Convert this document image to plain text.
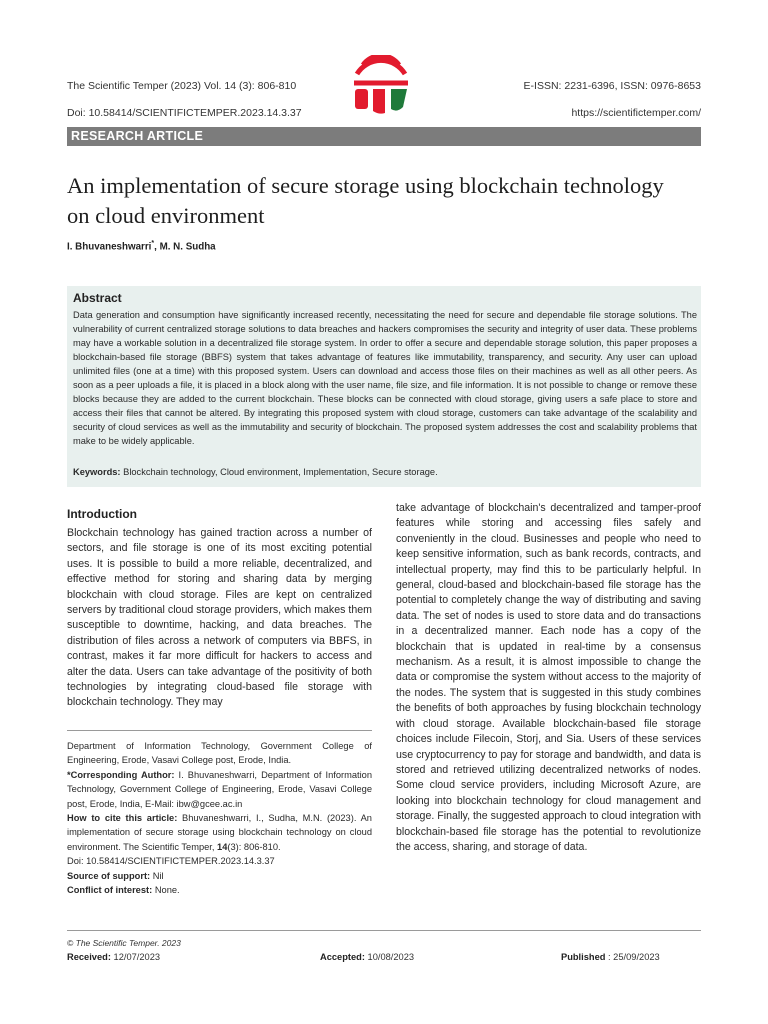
The Scientific Temper (2023) Vol. 14 (3): 806-810
Doi: 10.58414/SCIENTIFICTEMPER.2023.14.3.37
E-ISSN: 2231-6396, ISSN: 0976-8653
https://scientifictemper.com/
RESEARCH ARTICLE
An implementation of secure storage using blockchain technology on cloud environment
I. Bhuvaneshwarri*, M. N. Sudha
Abstract
Data generation and consumption have significantly increased recently, necessitating the need for secure and dependable file storage solutions. The vulnerability of current centralized storage solutions to data breaches and hackers compromises the security and integrity of user data. These problems may have a workable solution in a decentralized file storage system. In order to offer a secure and dependable storage solution, this paper proposes a blockchain-based file storage (BBFS) system that takes advantage of features like immutability, transparency, and security. Any user can upload unlimited files (one at a time) with this proposed system. Users can download and access those files on their machines as well as all other peers. As soon as a peer uploads a file, it is placed in a block along with the user name, file size, and file information. It is not possible to change or remove these blocks because they are added to the current blockchain. These blocks can be connected with cloud storage, giving users a safe place to store and access their files that cannot be altered. By integrating this proposed system with cloud storage, customers can take advantage of the scalability and security of cloud services as well as the immutability and security of blockchain. The proposed system addresses the cost and scalability problems that make to be widely applicable.
Keywords: Blockchain technology, Cloud environment, Implementation, Secure storage.
Introduction
Blockchain technology has gained traction across a number of sectors, and file storage is one of its most exciting potential uses. It is possible to build a more reliable, decentralized, and effective method for storing and sharing data by merging blockchain with cloud storage. Files are kept on centralized servers by traditional cloud storage providers, which makes them susceptible to downtime, hacking, and data breaches. The distribution of files across a network of computers via BBFS, in contrast, makes it far more difficult for hackers to access and alter the data. Users can take advantage of the positivity of both technologies by integrating cloud-based file storage with blockchain technology. They may
take advantage of blockchain's decentralized and tamper-proof features while storing and accessing files safely and conveniently in the cloud. Businesses and people who need to keep sensitive information, such as bank records, contracts, and intellectual property, may find this to be particularly helpful. In general, cloud-based and blockchain-based file storage has the potential to completely change the way of distributing and saving data. The set of nodes is used to store data and do transactions in a decentralized manner. Each node has a copy of the blockchain that is updated in real-time by a consensus mechanism. As a result, it is almost impossible to change the data or compromise the system without access to the majority of the nodes. The system that is suggested in this study combines the benefits of both approaches by fusing blockchain technology with cloud storage. Available blockchain-based file storage choices include Filecoin, Storj, and Sia. Users of these services use cryptocurrency to pay for storage and bandwidth, and data is stored and retrieved utilizing decentralized networks of nodes. Some cloud service providers, including Microsoft Azure, are looking into blockchain technology for cloud management and storage. Finally, the suggested approach to cloud integration with blockchain-based file storage has the potential to revolutionize the access, sharing, and storage of data.

Department of Information Technology, Government College of Engineering, Erode, Vasavi College post, Erode, India.

*Corresponding Author: I. Bhuvaneshwarri, Department of Information Technology, Government College of Engineering, Erode, Vasavi College post, Erode, India, E-Mail: ibw@gcee.ac.in

How to cite this article: Bhuvaneshwarri, I., Sudha, M.N. (2023). An implementation of secure storage using blockchain technology on cloud environment. The Scientific Temper, 14(3): 806-810.

Doi: 10.58414/SCIENTIFICTEMPER.2023.14.3.37

Source of support: Nil

Conflict of interest: None.

© The Scientific Temper. 2023
Received: 12/07/2023	Accepted: 10/08/2023	Published : 25/09/2023
